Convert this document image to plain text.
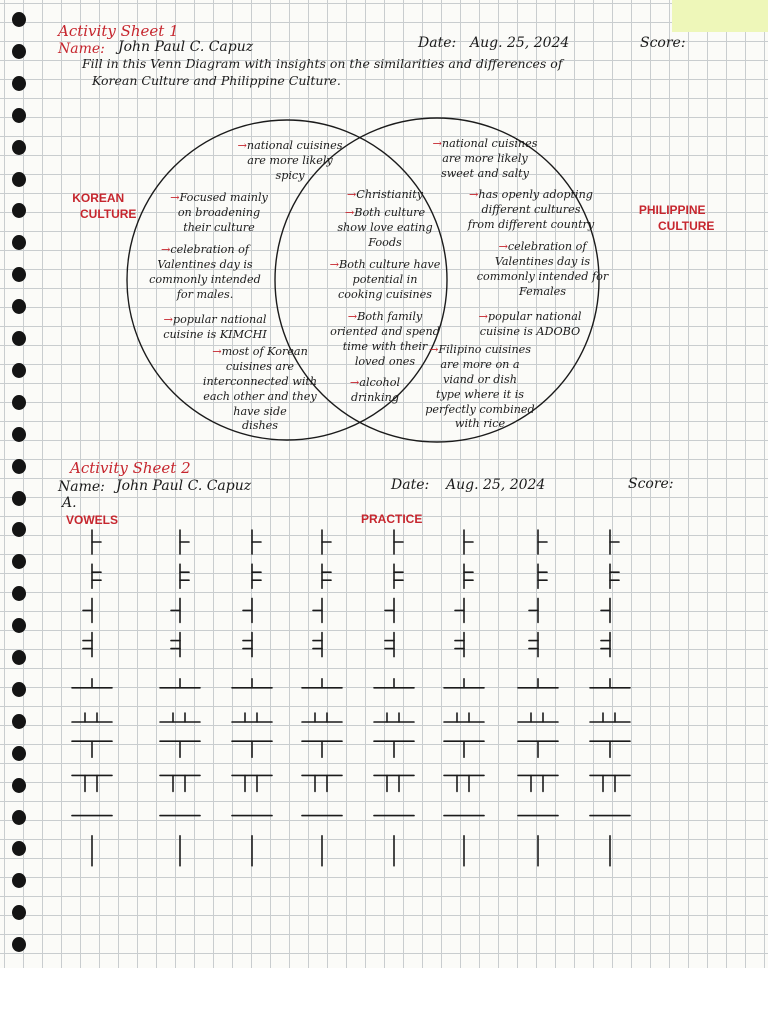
Activity Sheet 1
Name: John Paul C. Capuz	Date: Aug. 25, 2024	Score:
Fill in this Venn Diagram with insights on the similarities and differences of
Korean Culture and Philippine Culture.
KOREAN
CULTURE	PHILIPPINE
CULTURE
→national cuisines
are more likely
spicy
→Focused mainly
on broadening
their culture
→celebration of
Valentines day is
commonly intended
for males.
→popular national
cuisine is KIMCHI
→most of Korean
cuisines are
interconnected with
each other and they
have side
dishes
→Christianity
→Both culture
show love eating
Foods
→Both culture have
potential in
cooking cuisines
→Both family
oriented and spend
time with their
loved ones
→alcohol
drinking
→national cuisines
are more likely
sweet and salty
→has openly adopting
different cultures
from different country
→celebration of
Valentines day is
commonly intended for
Females
→popular national
cuisine is ADOBO
→Filipino cuisines
are more on a
viand or dish
type where it is
perfectly combined
with rice
Activity Sheet 2
Name: John Paul C. Capuz	Date: Aug. 25, 2024	Score:
A.
VOWELS	PRACTICE
